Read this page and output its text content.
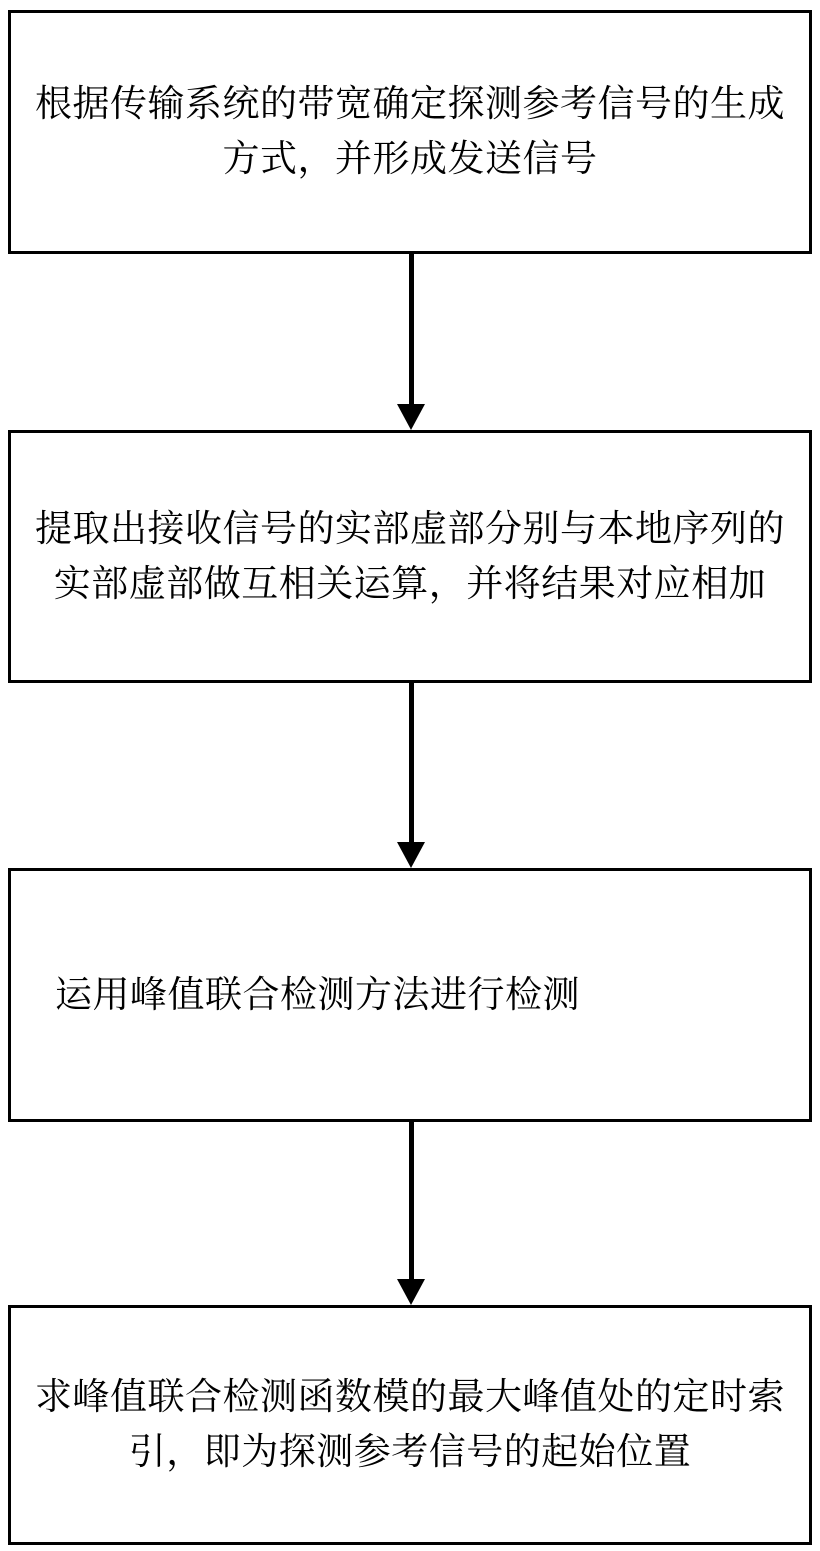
根据传输系统的带宽确定探测参考信号的生成方式，并形成发送信号
提取出接收信号的实部虚部分别与本地序列的实部虚部做互相关运算，并将结果对应相加
运用峰值联合检测方法进行检测
求峰值联合检测函数模的最大峰值处的定时索引，即为探测参考信号的起始位置
